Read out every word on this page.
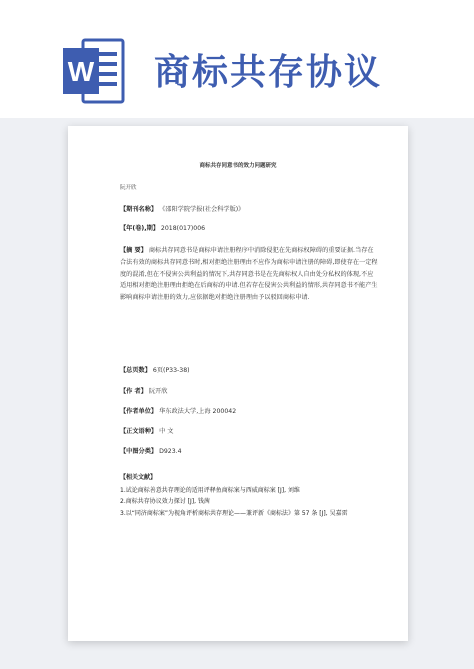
W 商标共存协议
商标共存同意书的效力问题研究
阮开欣
【期刊名称】 《邵阳学院学报(社会科学版)》
【年(卷),期】 2018(017)006
【摘 要】 商标共存同意书是商标申请注册程序中消除侵犯在先商标权障碍的重要证据.当存在合法有效的商标共存同意书时,相对拒绝注册理由不应作为商标申请注册的障碍,即使存在一定程度的混淆,但在不侵害公共利益的情况下,共存同意书是在先商标权人自由处分私权的体现,不应适用相对拒绝注册理由拒绝在后商标的申请.但若存在侵害公共利益的情形,共存同意书不能产生影响商标申请注册的效力,应依据绝对拒绝注册理由予以驳回商标申请.
【总页数】 6页(P33-38)
【作 者】 阮开欣
【作者单位】 华东政法大学,上海 200042
【正文语种】 中 文
【中图分类】 D923.4
【相关文献】
1.试论商标善意共存理论的适用评释鱼商标案与西威商标案 [J], 刘维
2.商标共存协议效力探讨 [J], 钱茜
3.以“同济商标案”为视角评析商标共存理论——兼评新《商标法》第 57 条 [J], 吴嘉雷
